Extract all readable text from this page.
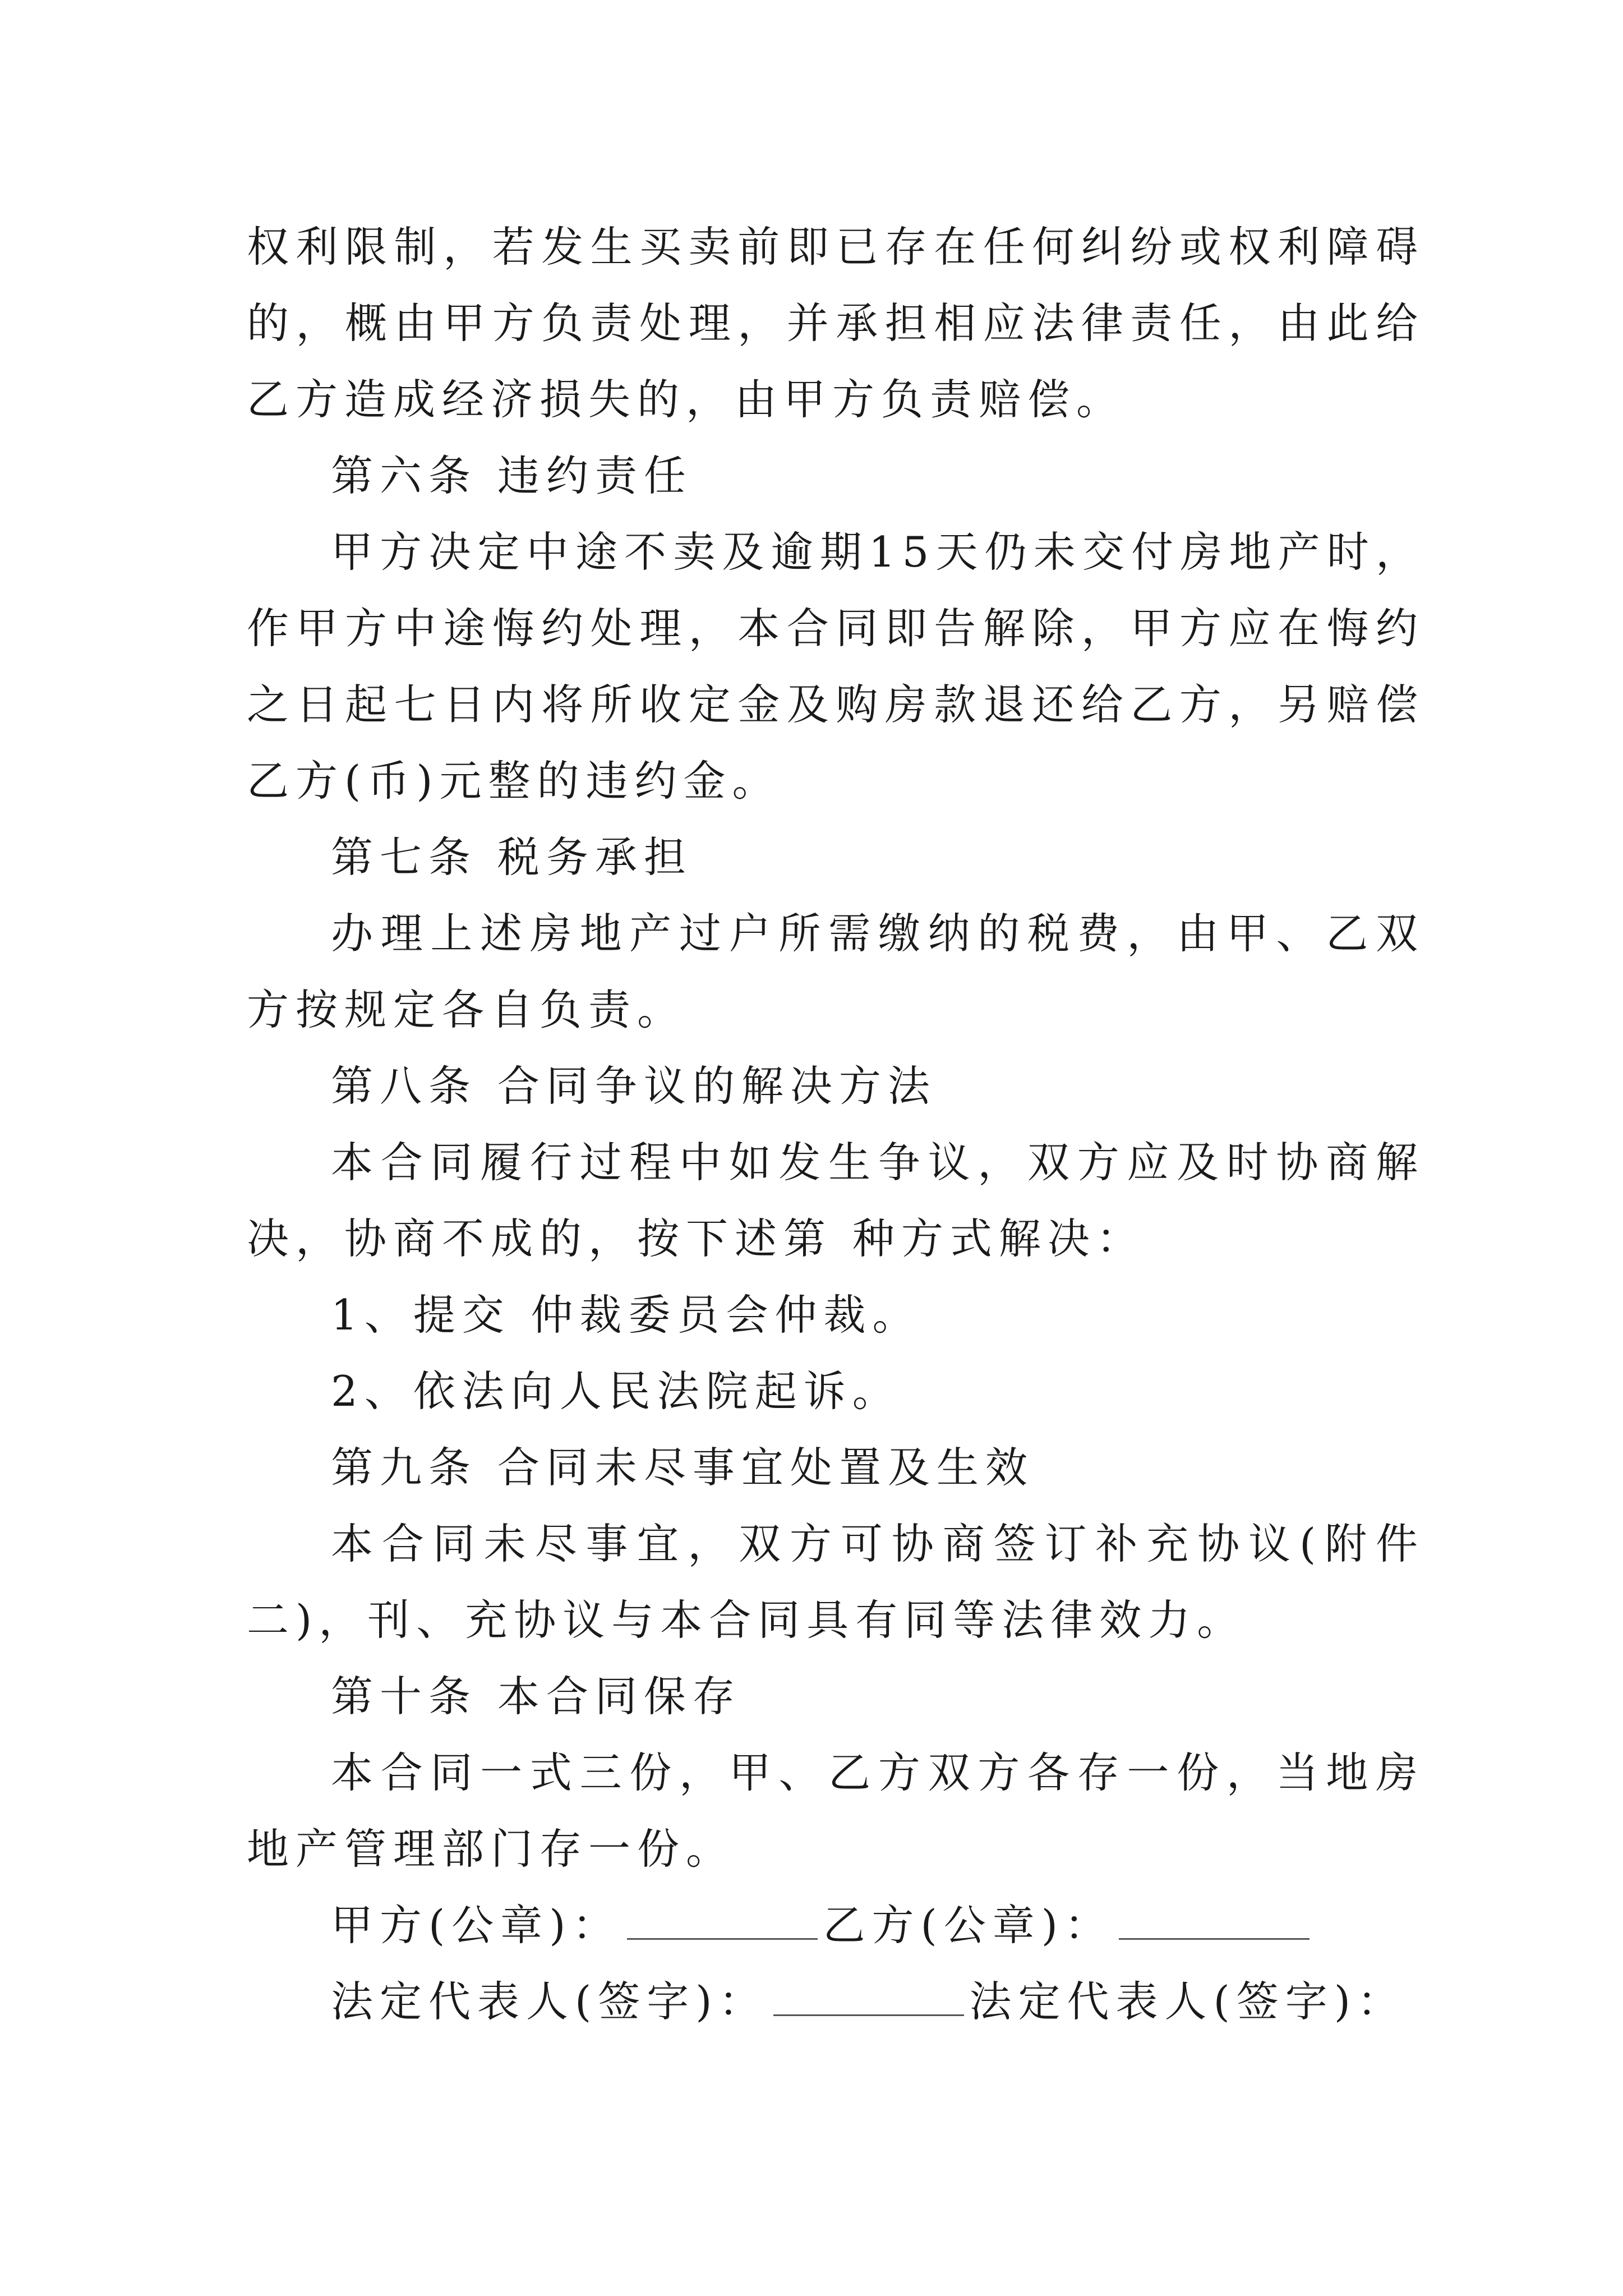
权利限制，若发生买卖前即已存在任何纠纷或权利障碍的，概由甲方负责处理，并承担相应法律责任，由此给乙方造成经济损失的，由甲方负责赔偿。

第六条 违约责任

甲方决定中途不卖及逾期15天仍未交付房地产时，作甲方中途悔约处理，本合同即告解除，甲方应在悔约之日起七日内将所收定金及购房款退还给乙方，另赔偿乙方(币)元整的违约金。

第七条 税务承担

办理上述房地产过户所需缴纳的税费，由甲、乙双方按规定各自负责。

第八条 合同争议的解决方法

本合同履行过程中如发生争议，双方应及时协商解决，协商不成的，按下述第 种方式解决：

1、提交 仲裁委员会仲裁。

2、依法向人民法院起诉。

第九条 合同未尽事宜处置及生效

本合同未尽事宜，双方可协商签订补充协议(附件二)，刊、充协议与本合同具有同等法律效力。

第十条 本合同保存

本合同一式三份，甲、乙方双方各存一份，当地房地产管理部门存一份。

甲方(公章)：	乙方(公章)：

法定代表人(签字)：	法定代表人(签字)：
